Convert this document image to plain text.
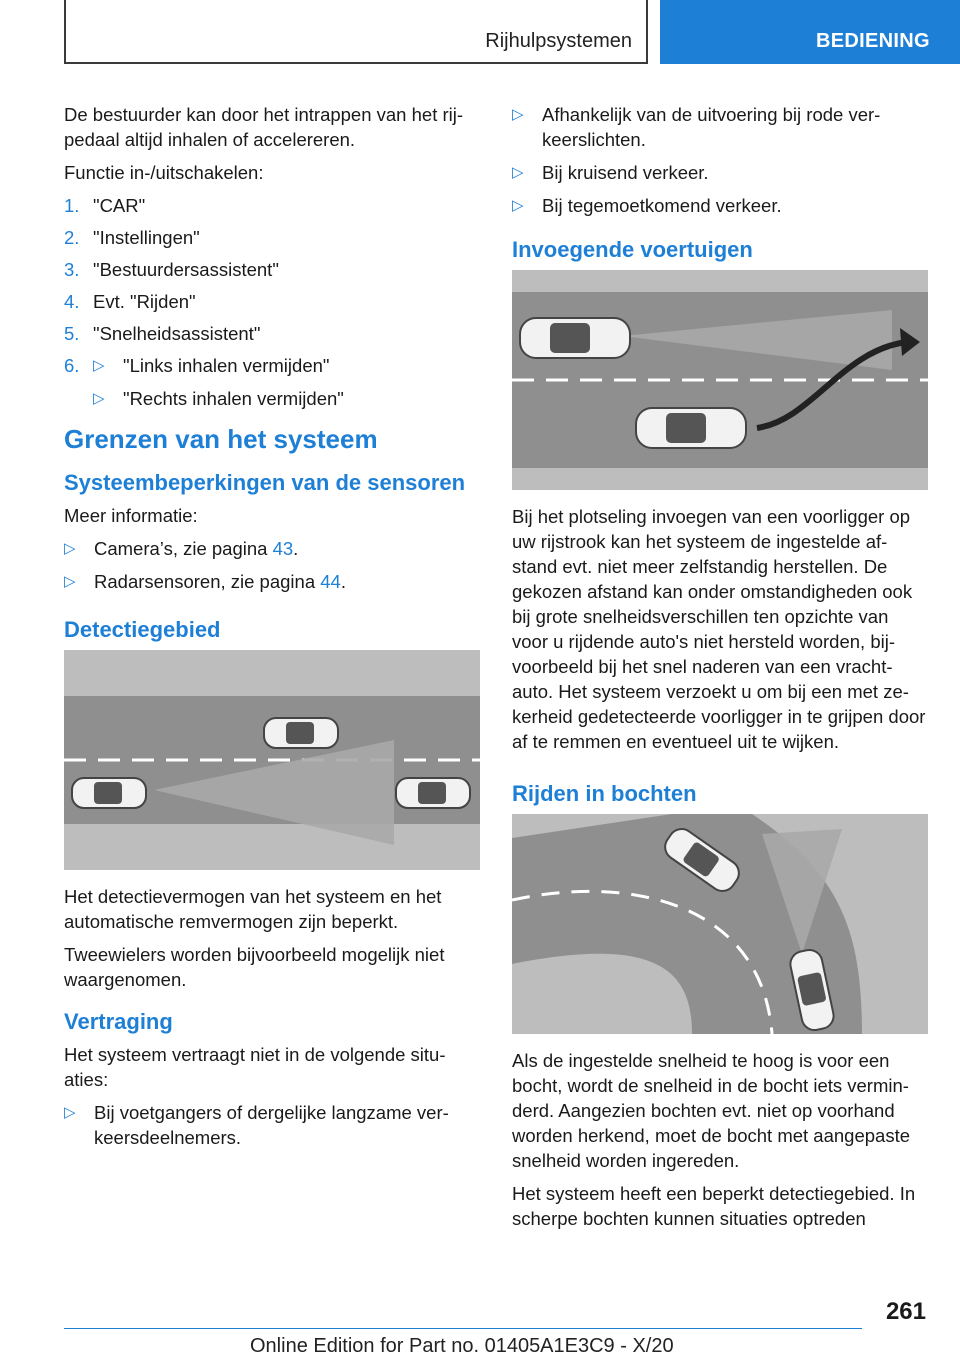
Rijhulpsystemen	BEDIENING

De bestuurder kan door het intrappen van het rij-pedaal altijd inhalen of accelereren.

Functie in-/uitschakelen:

1. "CAR"
2. "Instellingen"
3. "Bestuurdersassistent"
4. Evt. "Rijden"
5. "Snelheidsassistent"
6. ▷ "Links inhalen vermijden"
▷ "Rechts inhalen vermijden"
Grenzen van het systeem
Systeembeperkingen van de sensoren

Meer informatie:

▷ Camera’s, zie pagina 43.
▷ Radarsensoren, zie pagina 44.
Detectiegebied

Het detectievermogen van het systeem en het automatische remvermogen zijn beperkt.

Tweewielers worden bijvoorbeeld mogelijk niet waargenomen.

Vertraging

Het systeem vertraagt niet in de volgende situ-aties:

▷ Bij voetgangers of dergelijke langzame ver-keersdeelnemers.
▷ Afhankelijk van de uitvoering bij rode ver-keerslichten.
▷ Bij kruisend verkeer.
▷ Bij tegemoetkomend verkeer.
Invoegende voertuigen

Bij het plotseling invoegen van een voorligger op uw rijstrook kan het systeem de ingestelde af-stand evt. niet meer zelfstandig herstellen. De gekozen afstand kan onder omstandigheden ook bij grote snelheidsverschillen ten opzichte van voor u rijdende auto's niet hersteld worden, bij-voorbeeld bij het snel naderen van een vracht-auto. Het systeem verzoekt u om bij een met ze-kerheid gedetecteerde voorligger in te grijpen door af te remmen en eventueel uit te wijken.

Rijden in bochten

Als de ingestelde snelheid te hoog is voor een bocht, wordt de snelheid in de bocht iets vermin-derd. Aangezien bochten evt. niet op voorhand worden herkend, moet de bocht met aangepaste snelheid worden ingereden.

Het systeem heeft een beperkt detectiegebied. In scherpe bochten kunnen situaties optreden

261
Online Edition for Part no. 01405A1E3C9 - X/20
